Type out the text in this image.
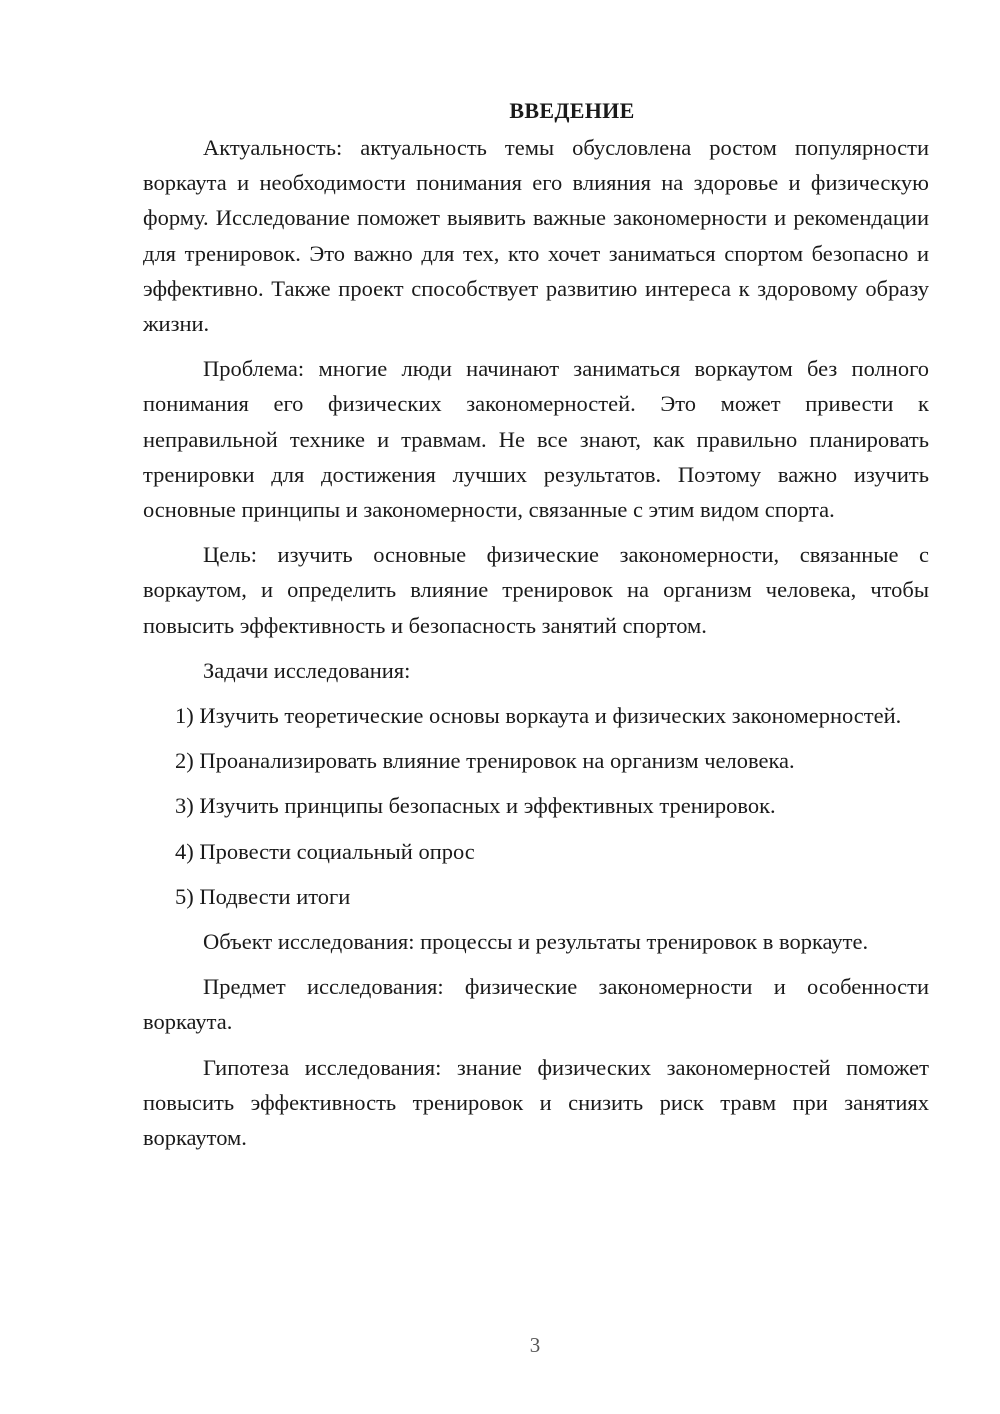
ВВЕДЕНИЕ

Актуальность: актуальность темы обусловлена ростом популярности воркаута и необходимости понимания его влияния на здоровье и физическую форму. Исследование поможет выявить важные закономерности и рекомендации для тренировок. Это важно для тех, кто хочет заниматься спортом безопасно и эффективно. Также проект способствует развитию интереса к здоровому образу жизни.

Проблема: многие люди начинают заниматься воркаутом без полного понимания его физических закономерностей. Это может привести к неправильной технике и травмам. Не все знают, как правильно планировать тренировки для достижения лучших результатов. Поэтому важно изучить основные принципы и закономерности, связанные с этим видом спорта.

Цель: изучить основные физические закономерности, связанные с воркаутом, и определить влияние тренировок на организм человека, чтобы повысить эффективность и безопасность занятий спортом.

Задачи исследования:

1) Изучить теоретические основы воркаута и физических закономерностей.

2) Проанализировать влияние тренировок на организм человека.

3) Изучить принципы безопасных и эффективных тренировок.

4) Провести социальный опрос

5) Подвести итоги

Объект исследования: процессы и результаты тренировок в воркауте.

Предмет исследования: физические закономерности и особенности воркаута.

Гипотеза исследования: знание физических закономерностей поможет повысить эффективность тренировок и снизить риск травм при занятиях воркаутом.

3
